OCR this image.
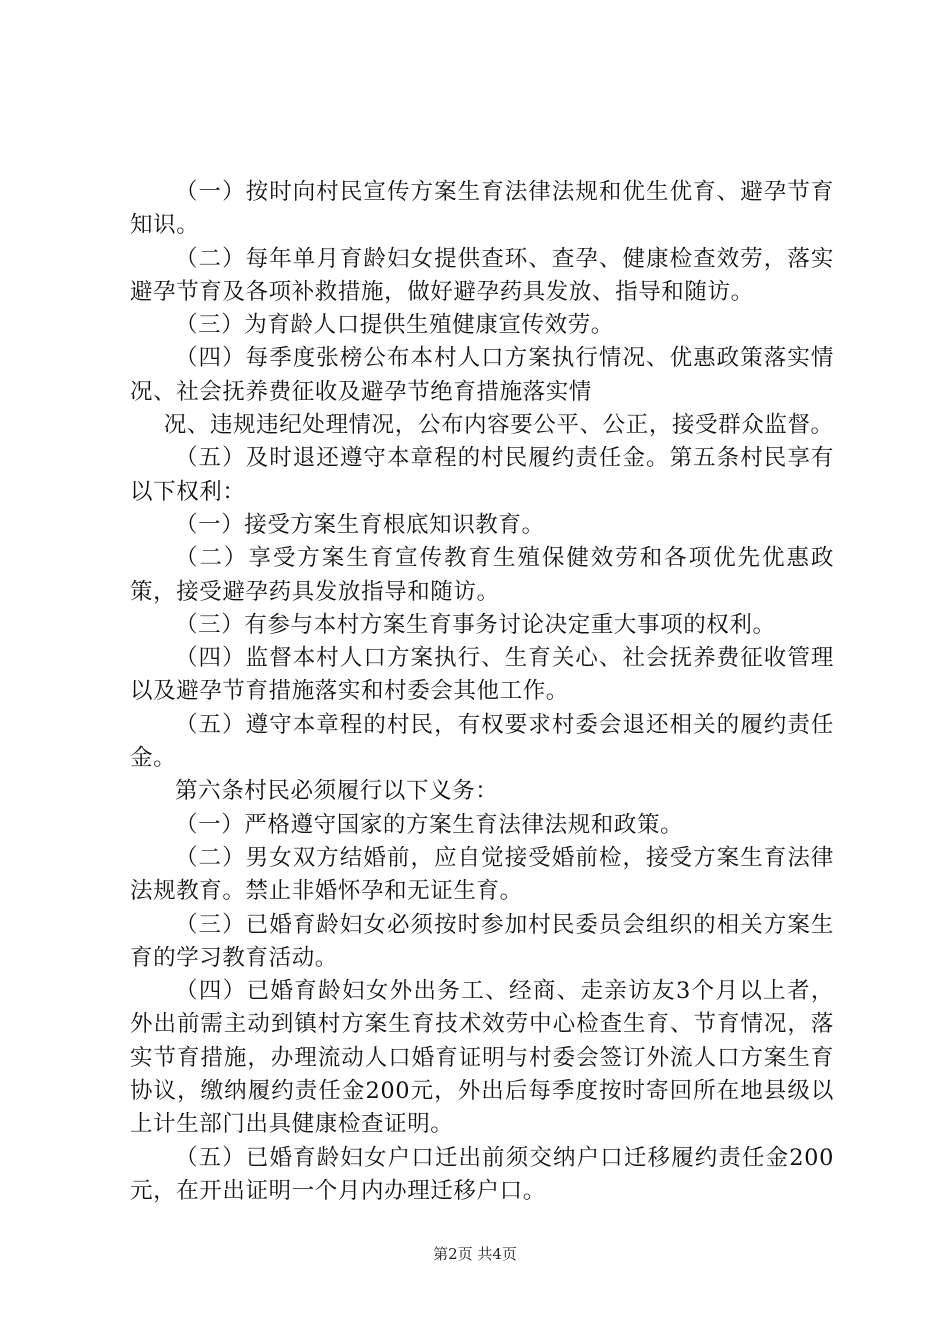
（一）按时向村民宣传方案生育法律法规和优生优育、避孕节育知识。

（二）每年单月育龄妇女提供查环、查孕、健康检查效劳，落实避孕节育及各项补救措施，做好避孕药具发放、指导和随访。

（三）为育龄人口提供生殖健康宣传效劳。

（四）每季度张榜公布本村人口方案执行情况、优惠政策落实情况、社会抚养费征收及避孕节绝育措施落实情

况、违规违纪处理情况，公布内容要公平、公正，接受群众监督。

（五）及时退还遵守本章程的村民履约责任金。第五条村民享有以下权利：

（一）接受方案生育根底知识教育。

（二）享受方案生育宣传教育生殖保健效劳和各项优先优惠政策，接受避孕药具发放指导和随访。

（三）有参与本村方案生育事务讨论决定重大事项的权利。

（四）监督本村人口方案执行、生育关心、社会抚养费征收管理以及避孕节育措施落实和村委会其他工作。

（五）遵守本章程的村民，有权要求村委会退还相关的履约责任金。

第六条村民必须履行以下义务：

（一）严格遵守国家的方案生育法律法规和政策。

（二）男女双方结婚前，应自觉接受婚前检，接受方案生育法律法规教育。禁止非婚怀孕和无证生育。

（三）已婚育龄妇女必须按时参加村民委员会组织的相关方案生育的学习教育活动。

（四）已婚育龄妇女外出务工、经商、走亲访友3个月以上者，外出前需主动到镇村方案生育技术效劳中心检查生育、节育情况，落实节育措施，办理流动人口婚育证明与村委会签订外流人口方案生育协议，缴纳履约责任金200元，外出后每季度按时寄回所在地县级以上计生部门出具健康检查证明。

（五）已婚育龄妇女户口迁出前须交纳户口迁移履约责任金200元，在开出证明一个月内办理迁移户口。

第2页 共4页
